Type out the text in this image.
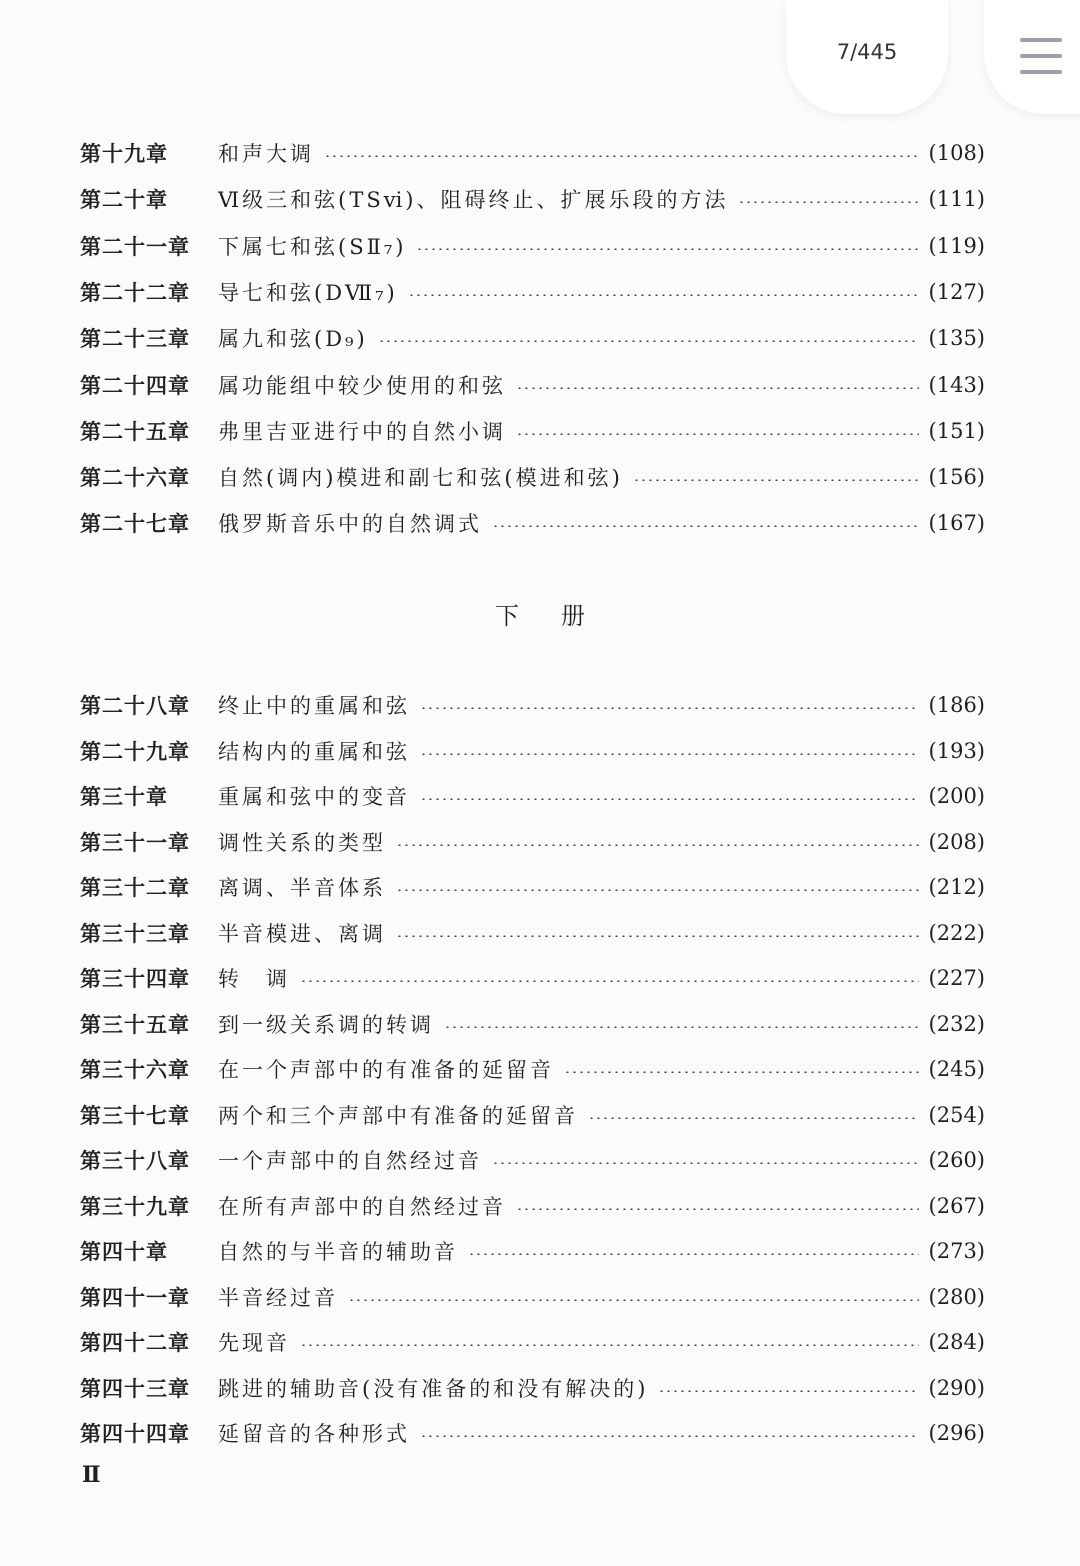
7/445
第十九章	和声大调	(108)
第二十章	Ⅵ级三和弦(TSⅵ)、阻碍终止、扩展乐段的方法	(111)
第二十一章	下属七和弦(SⅡ₇)	(119)
第二十二章	导七和弦(DⅦ₇)	(127)
第二十三章	属九和弦(D₉)	(135)
第二十四章	属功能组中较少使用的和弦	(143)
第二十五章	弗里吉亚进行中的自然小调	(151)
第二十六章	自然(调内)模进和副七和弦(模进和弦)	(156)
第二十七章	俄罗斯音乐中的自然调式	(167)
下册
第二十八章	终止中的重属和弦	(186)
第二十九章	结构内的重属和弦	(193)
第三十章	重属和弦中的变音	(200)
第三十一章	调性关系的类型	(208)
第三十二章	离调、半音体系	(212)
第三十三章	半音模进、离调	(222)
第三十四章	转　调	(227)
第三十五章	到一级关系调的转调	(232)
第三十六章	在一个声部中的有准备的延留音	(245)
第三十七章	两个和三个声部中有准备的延留音	(254)
第三十八章	一个声部中的自然经过音	(260)
第三十九章	在所有声部中的自然经过音	(267)
第四十章	自然的与半音的辅助音	(273)
第四十一章	半音经过音	(280)
第四十二章	先现音	(284)
第四十三章	跳进的辅助音(没有准备的和没有解决的)	(290)
第四十四章	延留音的各种形式	(296)
Ⅱ
